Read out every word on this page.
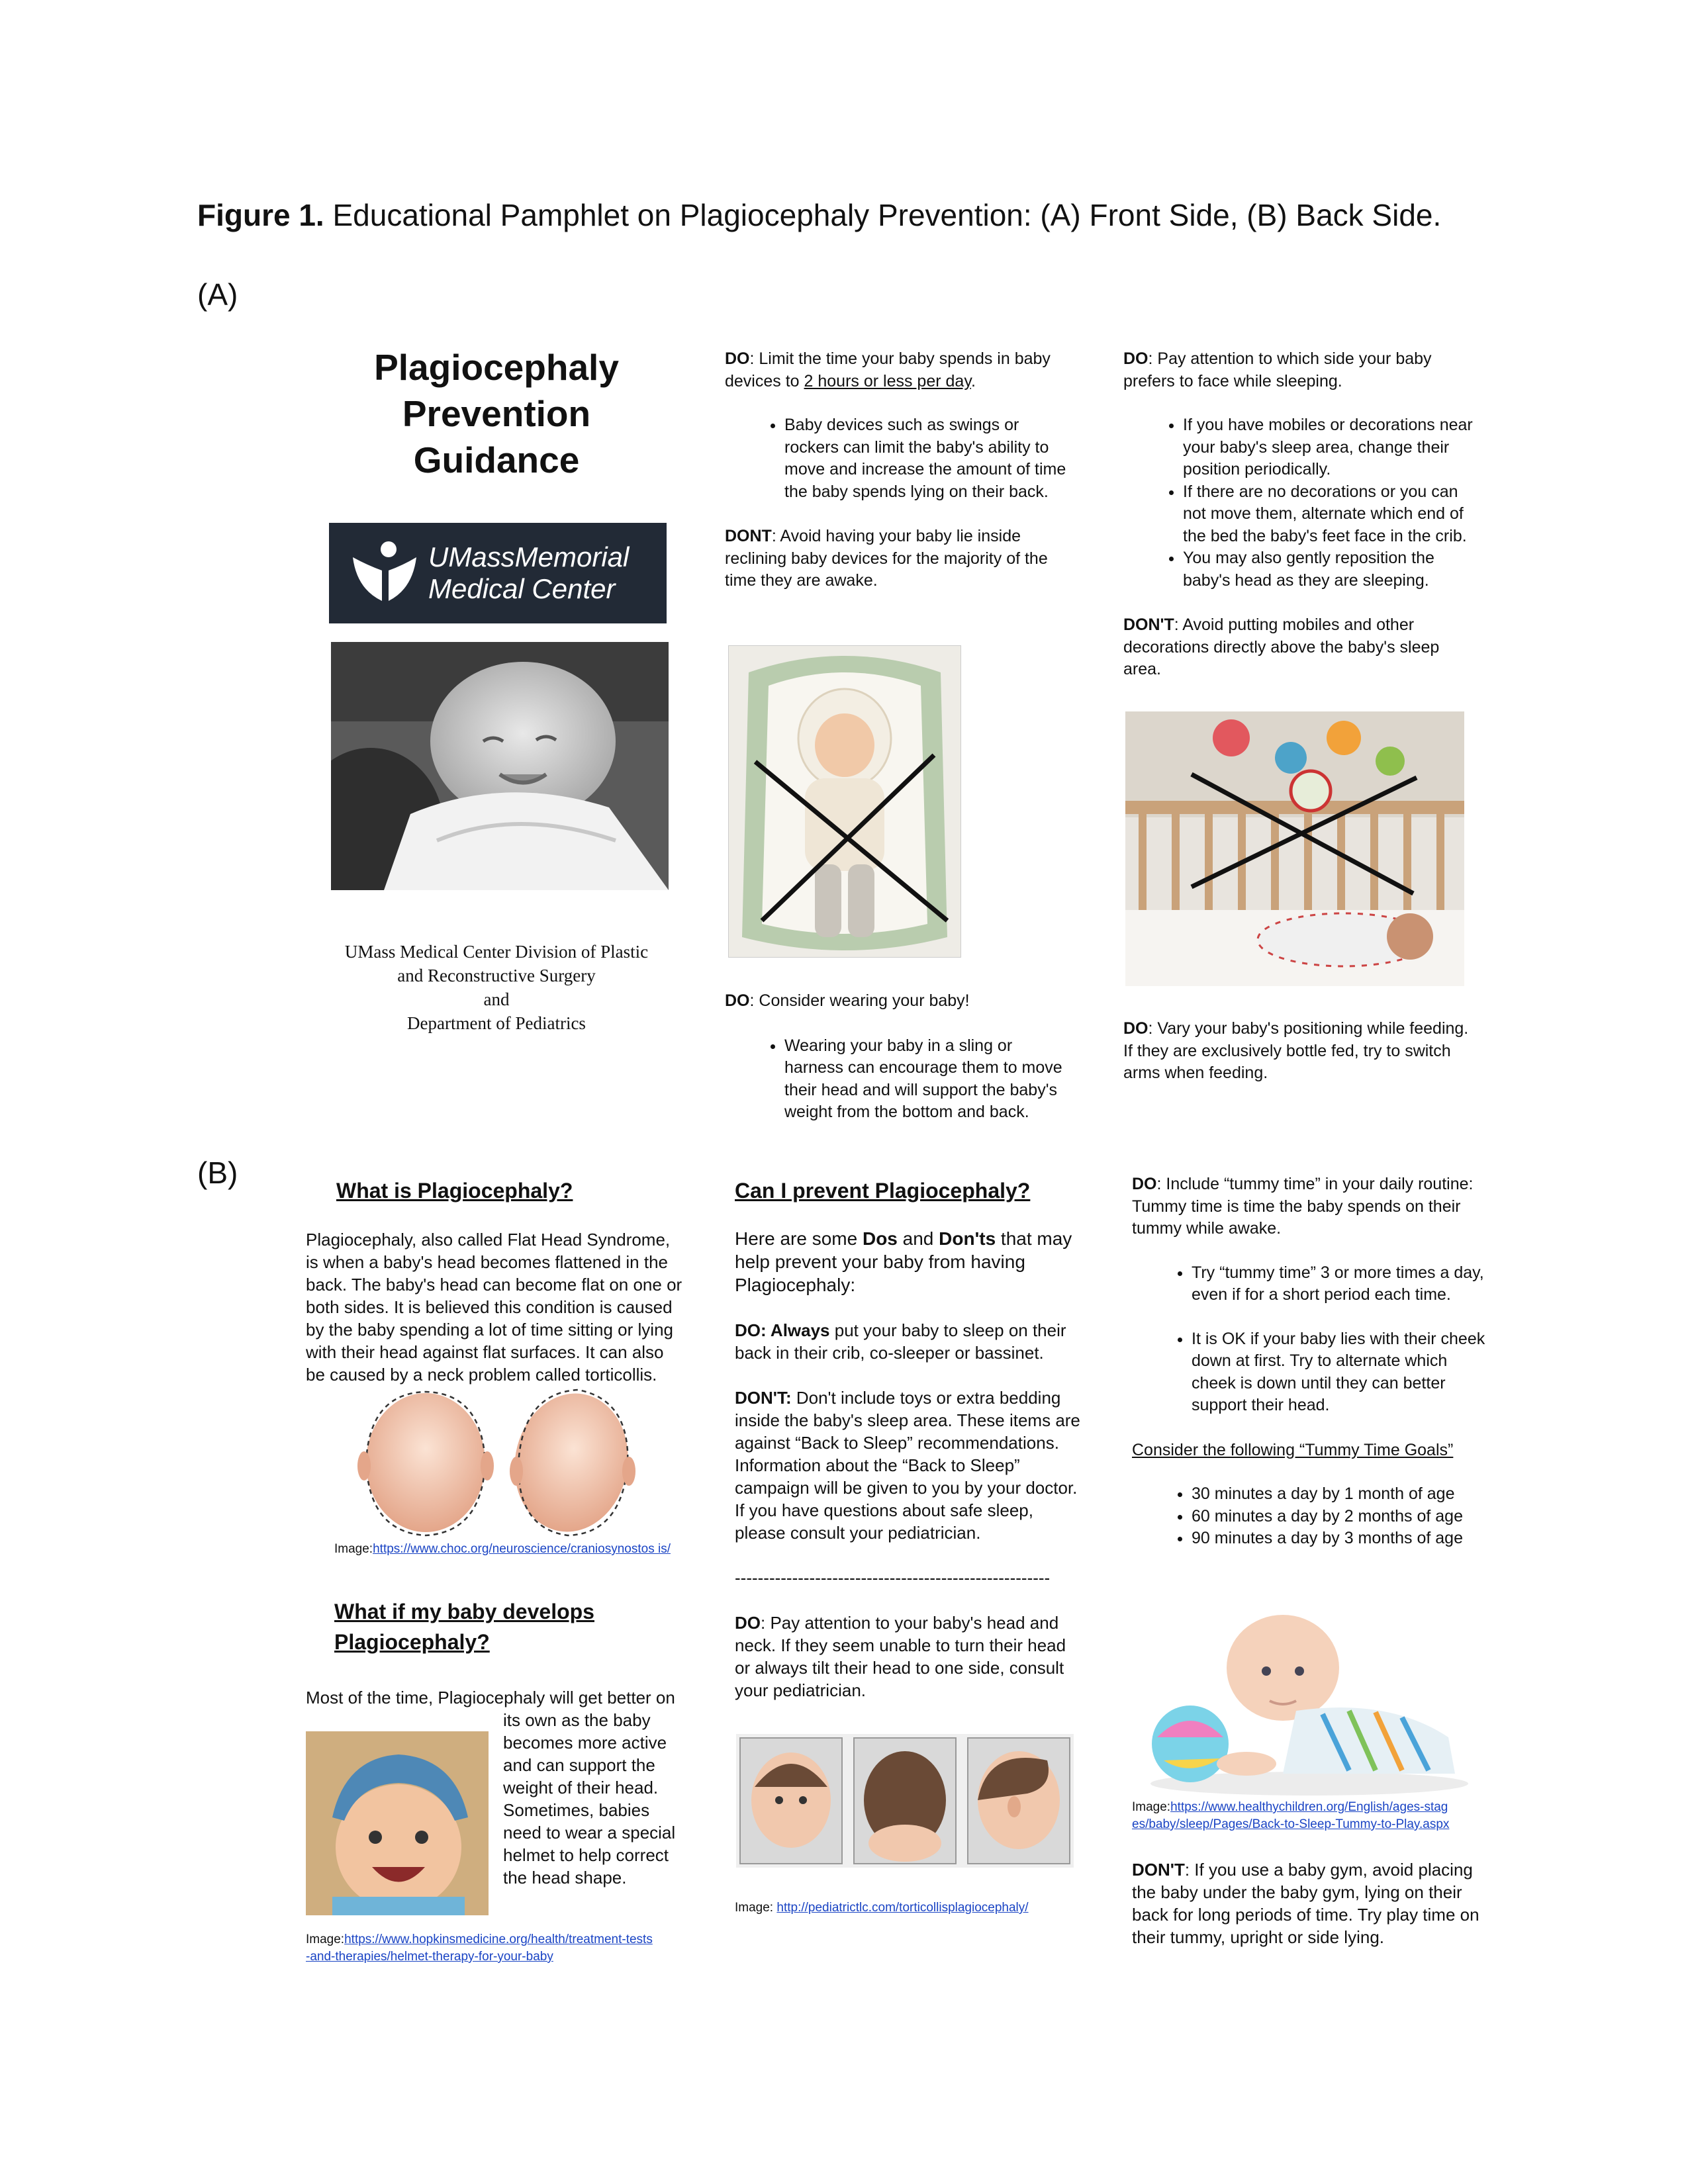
Figure 1. Educational Pamphlet on Plagiocephaly Prevention: (A) Front Side, (B) Back Side.
(A)
(B)
Plagiocephaly
Prevention
Guidance
UMassMemorial
Medical Center
UMass Medical Center Division of Plastic
and Reconstructive Surgery
and
Department of Pediatrics

DO: Limit the time your baby spends in baby devices to 2 hours or less per day.

• Baby devices such as swings or rockers can limit the baby's ability to move and increase the amount of time the baby spends lying on their back.

DONT: Avoid having your baby lie inside reclining baby devices for the majority of the time they are awake.

DO: Consider wearing your baby!

• Wearing your baby in a sling or harness can encourage them to move their head and will support the baby's weight from the bottom and back.

DO: Pay attention to which side your baby prefers to face while sleeping.

• If you have mobiles or decorations near your baby's sleep area, change their position periodically.
• If there are no decorations or you can not move them, alternate which end of the bed the baby's feet face in the crib.
• You may also gently reposition the baby's head as they are sleeping.

DON'T: Avoid putting mobiles and other decorations directly above the baby's sleep area.

DO: Vary your baby's positioning while feeding. If they are exclusively bottle fed, try to switch arms when feeding.

What is Plagiocephaly?

Plagiocephaly, also called Flat Head Syndrome, is when a baby's head becomes flattened in the back. The baby's head can become flat on one or both sides. It is believed this condition is caused by the baby spending a lot of time sitting or lying with their head against flat surfaces. It can also be caused by a neck problem called torticollis.

Image:https://www.choc.org/neuroscience/craniosynostos is/
What if my baby develops
Plagiocephaly?
Most of the time, Plagiocephaly will get better on
its own as the baby becomes more active and can support the weight of their head. Sometimes, babies need to wear a special helmet to help correct the head shape.
Image:https://www.hopkinsmedicine.org/health/treatment-tests
-and-therapies/helmet-therapy-for-your-baby
Can I prevent Plagiocephaly?

Here are some Dos and Don'ts that may help prevent your baby from having Plagiocephaly:

DO: Always put your baby to sleep on their back in their crib, co-sleeper or bassinet.

DON'T: Don't include toys or extra bedding inside the baby's sleep area. These items are against “Back to Sleep” recommendations. Information about the “Back to Sleep” campaign will be given to you by your doctor. If you have questions about safe sleep, please consult your pediatrician.

-------------------------------------------------------

DO: Pay attention to your baby's head and neck. If they seem unable to turn their head or always tilt their head to one side, consult your pediatrician.

Image: http://pediatrictlc.com/torticollisplagiocephaly/

DO: Include “tummy time” in your daily routine: Tummy time is time the baby spends on their tummy while awake.

• Try “tummy time” 3 or more times a day, even if for a short period each time.
• It is OK if your baby lies with their cheek down at first. Try to alternate which cheek is down until they can better support their head.

Consider the following “Tummy Time Goals”

• 30 minutes a day by 1 month of age
• 60 minutes a day by 2 months of age
• 90 minutes a day by 3 months of age
Image:https://www.healthychildren.org/English/ages-stag
es/baby/sleep/Pages/Back-to-Sleep-Tummy-to-Play.aspx

DON'T: If you use a baby gym, avoid placing the baby under the baby gym, lying on their back for long periods of time. Try play time on their tummy, upright or side lying.
